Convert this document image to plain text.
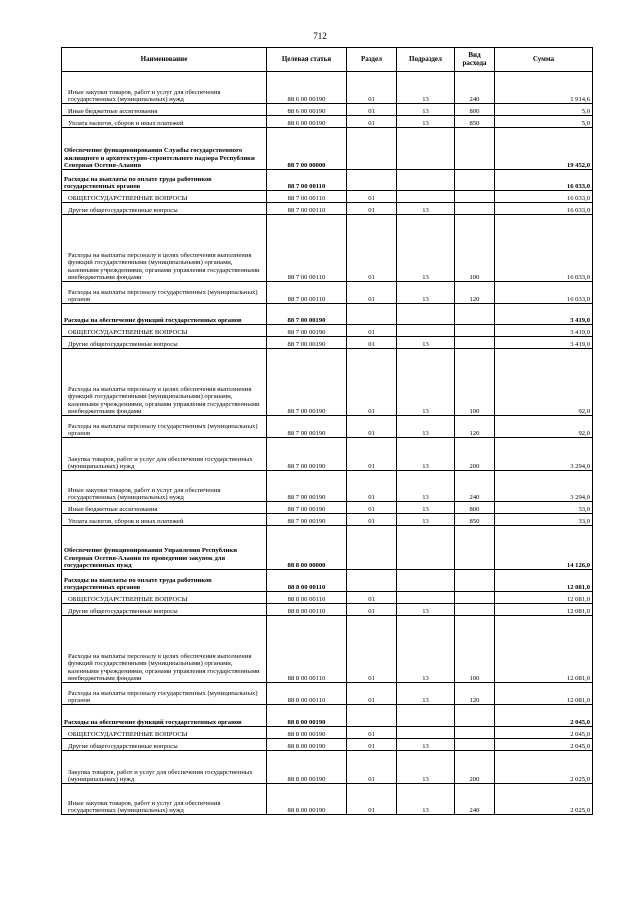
712
Наименование	Целевая статья	Раздел	Подраздел	Вид расхода	Сумма
Иные закупки товаров, работ и услуг для обеспечения государственных (муниципальных) нужд	88 6 00 00190	01	13	240	1 914,6
Иные бюджетные ассигнования	88 6 00 00190	01	13	800	5,0
Уплата налогов, сборов и иных платежей	88 6 00 00190	01	13	850	5,0
Обеспечение функционирования Службы государственного жилищного и архитектурно-строительного надзора Республики Северная Осетия-Алания	88 7 00 00000				19 452,0
Расходы на выплаты по оплате труда работников государственных органов	88 7 00 00110				16 033,0
ОБЩЕГОСУДАРСТВЕННЫЕ ВОПРОСЫ	88 7 00 00110	01			16 033,0
Другие общегосударственные вопросы	88 7 00 00110	01	13		16 033,0
Расходы на выплаты персоналу в целях обеспечения выполнения функций государственными (муниципальными) органами, казенными учреждениями, органами управления государственными внебюджетными фондами	88 7 00 00110	01	13	100	16 033,0
Расходы на выплаты персоналу государственных (муниципальных) органов	88 7 00 00110	01	13	120	16 033,0
Расходы на обеспечение функций государственных органов	88 7 00 00190				3 419,0
ОБЩЕГОСУДАРСТВЕННЫЕ ВОПРОСЫ	88 7 00 00190	01			3 419,0
Другие общегосударственные вопросы	88 7 00 00190	01	13		3 419,0
Расходы на выплаты персоналу в целях обеспечения выполнения функций государственными (муниципальными) органами, казенными учреждениями, органами управления государственными внебюджетными фондами	88 7 00 00190	01	13	100	92,0
Расходы на выплаты персоналу государственных (муниципальных) органов	88 7 00 00190	01	13	120	92,0
Закупка товаров, работ и услуг для обеспечения государственных (муниципальных) нужд	88 7 00 00190	01	13	200	3 294,0
Иные закупки товаров, работ и услуг для обеспечения государственных (муниципальных) нужд	88 7 00 00190	01	13	240	3 294,0
Иные бюджетные ассигнования	88 7 00 00190	01	13	800	33,0
Уплата налогов, сборов и иных платежей	88 7 00 00190	01	13	850	33,0
Обеспечение функционирования Управления Республики Северная Осетия-Алания по проведению закупок для государственных нужд	88 8 00 00000				14 126,0
Расходы на выплаты по оплате труда работников государственных органов	88 8 00 00110				12 081,0
ОБЩЕГОСУДАРСТВЕННЫЕ ВОПРОСЫ	88 8 00 00110	01			12 081,0
Другие общегосударственные вопросы	88 8 00 00110	01	13		12 081,0
Расходы на выплаты персоналу в целях обеспечения выполнения функций государственными (муниципальными) органами, казенными учреждениями, органами управления государственными внебюджетными фондами	88 8 00 00110	01	13	100	12 081,0
Расходы на выплаты персоналу государственных (муниципальных) органов	88 8 00 00110	01	13	120	12 081,0
Расходы на обеспечение функций государственных органов	88 8 00 00190				2 045,0
ОБЩЕГОСУДАРСТВЕННЫЕ ВОПРОСЫ	88 8 00 00190	01			2 045,0
Другие общегосударственные вопросы	88 8 00 00190	01	13		2 045,0
Закупка товаров, работ и услуг для обеспечения государственных (муниципальных) нужд	88 8 00 00190	01	13	200	2 025,0
Иные закупки товаров, работ и услуг для обеспечения государственных (муниципальных) нужд	88 8 00 00190	01	13	240	2 025,0
